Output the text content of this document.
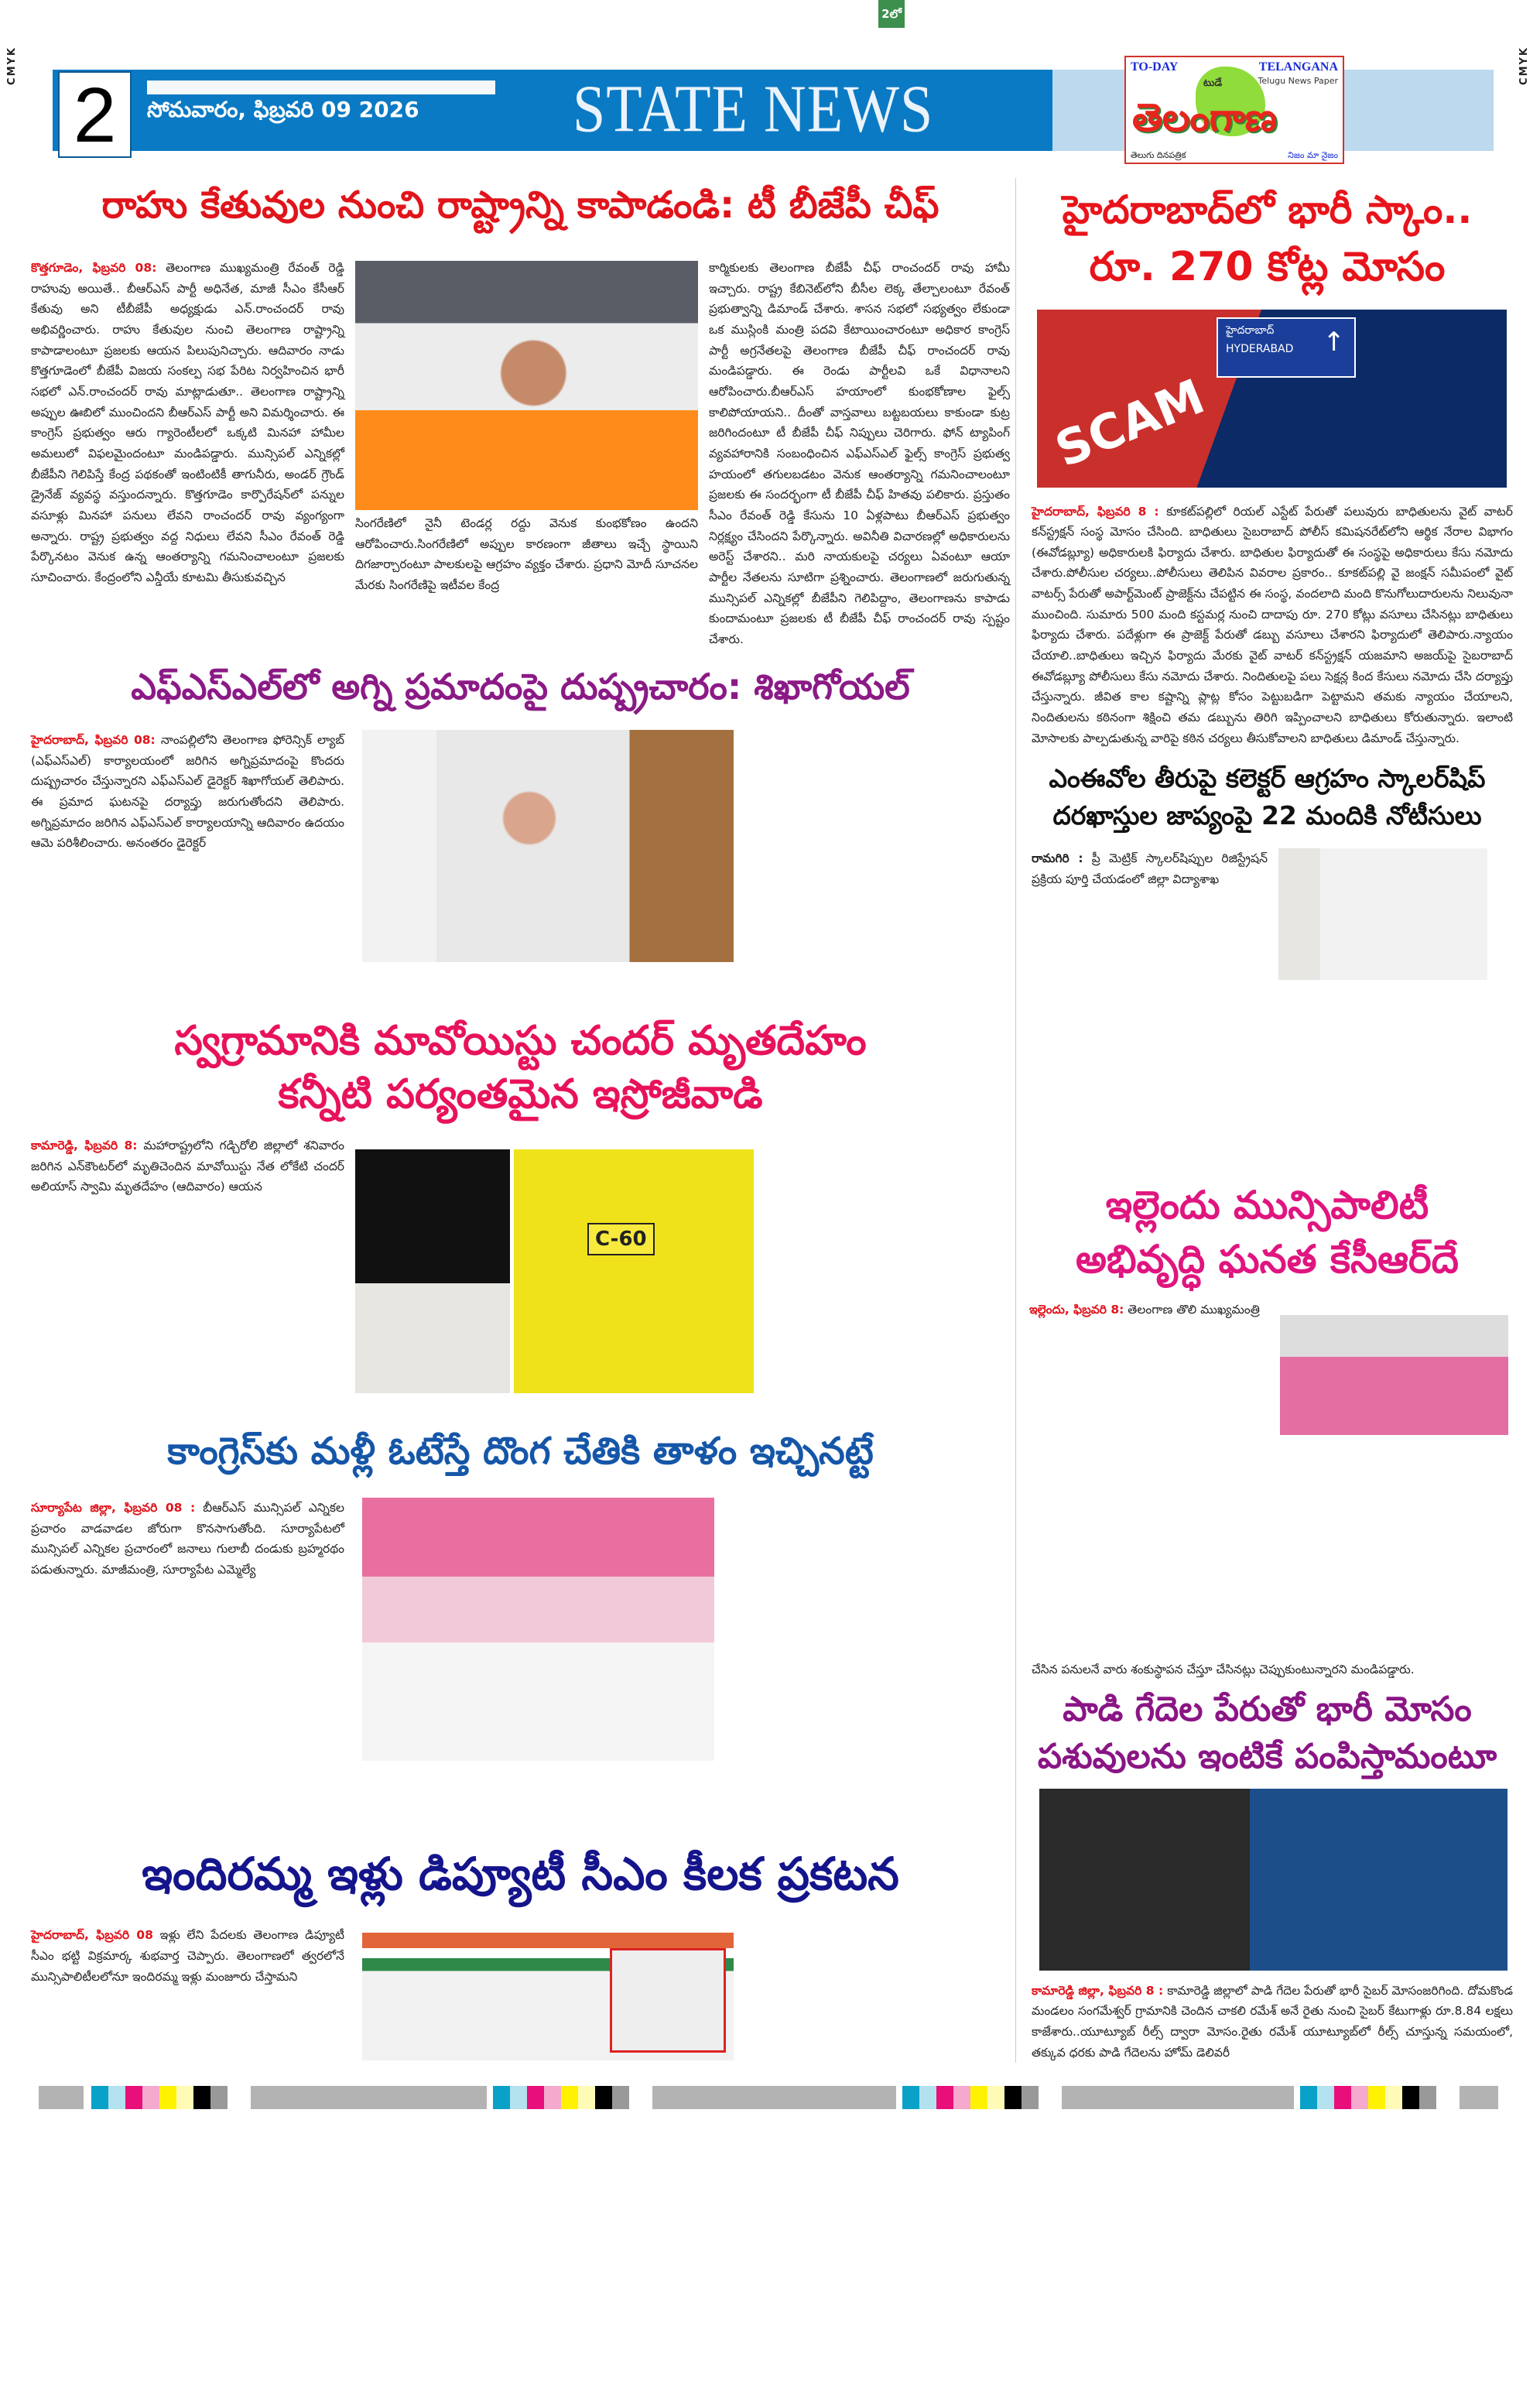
2లో
CMYK	CMYK
2	సోమవారం, ఫిబ్రవరి 09 2026	STATE NEWS
TO-DAY	TELANGANA
Telugu News Paper
టుడే
తెలంగాణ
తెలుగు దినపత్రిక	నిజం మా నైజం
రాహు కేతువుల నుంచి రాష్ట్రాన్ని కాపాడండి: టీ బీజేపీ చీఫ్
కొత్తగూడెం, ఫిబ్రవరి 08: తెలంగాణ ముఖ్యమంత్రి రేవంత్ రెడ్డి రాహువు అయితే.. బీఆర్ఎస్ పార్టీ అధినేత, మాజీ సీఎం కేసీఆర్ కేతువు అని టీబీజేపీ అధ్యక్షుడు ఎన్.రాంచందర్ రావు అభివర్ణించారు. రాహు కేతువుల నుంచి తెలంగాణ రాష్ట్రాన్ని కాపాడాలంటూ ప్రజలకు ఆయన పిలుపునిచ్చారు. ఆదివారం నాడు కొత్తగూడెంలో బీజేపీ విజయ సంకల్ప సభ పేరిట నిర్వహించిన భారీ సభలో ఎన్.రాంచందర్ రావు మాట్లాడుతూ.. తెలంగాణ రాష్ట్రాన్ని అప్పుల ఊబిలో ముంచిందని బీఆర్ఎస్ పార్టీ అని విమర్శించారు. ఈ కాంగ్రెస్ ప్రభుత్వం ఆరు గ్యారెంటీలలో ఒక్కటి మినహా హామీల అమలులో విఫలమైందంటూ మండిపడ్డారు. మున్సిపల్ ఎన్నికల్లో బీజేపీని గెలిపిస్తే కేంద్ర పథకంతో ఇంటింటికీ తాగునీరు, అండర్ గ్రౌండ్ డ్రైనేజ్ వ్యవస్థ వస్తుందన్నారు. కొత్తగూడెం కార్పొరేషన్‌లో పన్నుల వసూళ్లు మినహా పనులు లేవని రాంచందర్ రావు వ్యంగ్యంగా అన్నారు. రాష్ట్ర ప్రభుత్వం వద్ద నిధులు లేవని సీఎం రేవంత్ రెడ్డి పేర్కొనటం వెనుక ఉన్న ఆంతర్యాన్ని గమనించాలంటూ ప్రజలకు సూచించారు. కేంద్రంలోని ఎన్డీయే కూటమి తీసుకువచ్చిన
సింగరేణిలో నైనీ టెండర్ల రద్దు వెనుక కుంభకోణం ఉందని ఆరోపించారు.సింగరేణిలో అప్పుల కారణంగా జీతాలు ఇచ్చే స్థాయిని దిగజార్చారంటూ పాలకులపై ఆగ్రహం వ్యక్తం చేశారు. ప్రధాని మోదీ సూచనల మేరకు సింగరేణిపై ఇటీవల కేంద్ర
కార్మికులకు తెలంగాణ బీజేపీ చీఫ్ రాంచందర్ రావు హామీ ఇచ్చారు. రాష్ట్ర కేబినెట్‌లోని బీసీల లెక్క తేల్చాలంటూ రేవంత్ ప్రభుత్వాన్ని డిమాండ్ చేశారు. శాసన సభలో సభ్యత్వం లేకుండా ఒక ముస్లింకి మంత్రి పదవి కేటాయించారంటూ అధికార కాంగ్రెస్ పార్టీ అగ్రనేతలపై తెలంగాణ బీజేపీ చీఫ్ రాంచందర్ రావు మండిపడ్డారు. ఈ రెండు పార్టీలవి ఒకే విధానాలని ఆరోపించారు.బీఆర్ఎస్ హయాంలో కుంభకోణాల ఫైల్స్ కాలిపోయాయని.. దీంతో వాస్తవాలు బట్టబయలు కాకుండా కుట్ర జరిగిందంటూ టీ బీజేపీ చీఫ్ నిప్పులు చెరిగారు. ఫోన్ ట్యాపింగ్ వ్యవహారానికి సంబంధించిన ఎఫ్ఎస్ఎల్ ఫైల్స్ కాంగ్రెస్ ప్రభుత్వ హయంలో తగులబడటం వెనుక ఆంతర్యాన్ని గమనించాలంటూ ప్రజలకు ఈ సందర్భంగా టీ బీజేపీ చీఫ్ హితవు పలికారు. ప్రస్తుతం సీఎం రేవంత్ రెడ్డి కేసును 10 ఏళ్లపాటు బీఆర్ఎస్ ప్రభుత్వం నిర్లక్ష్యం చేసిందని పేర్కొన్నారు. అవినీతి విచారణల్లో అధికారులను అరెస్ట్ చేశారని.. మరి నాయకులపై చర్యలు ఏవంటూ ఆయా పార్టీల నేతలను సూటిగా ప్రశ్నించారు. తెలంగాణలో జరుగుతున్న మున్సిపల్ ఎన్నికల్లో బీజేపీని గెలిపిద్దాం, తెలంగాణను కాపాడు కుందామంటూ ప్రజలకు టీ బీజేపీ చీఫ్ రాంచందర్ రావు స్పష్టం చేశారు.
ఎఫ్ఎస్ఎల్‌లో అగ్ని ప్రమాదంపై దుష్ప్రచారం: శిఖాగోయల్
హైదరాబాద్, ఫిబ్రవరి 08: నాంపల్లిలోని తెలంగాణ ఫోరెన్సిక్ ల్యాబ్ (ఎఫ్ఎస్ఎల్) కార్యాలయంలో జరిగిన అగ్నిప్రమాదంపై కొందరు దుష్ప్రచారం చేస్తున్నారని ఎఫ్ఎస్ఎల్ డైరెక్టర్ శిఖాగోయల్ తెలిపారు. ఈ ప్రమాద ఘటనపై దర్యాప్తు జరుగుతోందని తెలిపారు. అగ్నిప్రమాదం జరిగిన ఎఫ్ఎస్ఎల్ కార్యాలయాన్ని ఆదివారం ఉదయం ఆమె పరిశీలించారు. అనంతరం డైరెక్టర్
స్వగ్రామానికి మావోయిస్టు చందర్ మృతదేహం
కన్నీటి పర్యంతమైన ఇస్రోజీవాడి
కామారెడ్డి, ఫిబ్రవరి 8: మహారాష్ట్రలోని గడ్చిరోలి జిల్లాలో శనివారం జరిగిన ఎన్‌కౌంటర్‌లో మృతిచెందిన మావోయిస్టు నేత లోకేటి చందర్ అలియాస్ స్వామి మృతదేహం (ఆదివారం) ఆయన
C-60
కాంగ్రెస్‌కు మళ్లీ ఓటేస్తే దొంగ చేతికి తాళం ఇచ్చినట్టే
సూర్యాపేట జిల్లా, ఫిబ్రవరి 08 : బీఆర్ఎస్ మున్సిపల్ ఎన్నికల ప్రచారం వాడవాడల జోరుగా కొనసాగుతోంది. సూర్యాపేటలో మున్సిపల్ ఎన్నికల ప్రచారంలో జనాలు గులాబీ దండుకు బ్రహ్మరథం పడుతున్నారు. మాజీమంత్రి, సూర్యాపేట ఎమ్మెల్యే
ఇందిరమ్మ ఇళ్లు డిప్యూటీ సీఎం కీలక ప్రకటన
హైదరాబాద్, ఫిబ్రవరి 08 ఇళ్లు లేని పేదలకు తెలంగాణ డిప్యూటీ సీఎం భట్టి విక్రమార్క శుభవార్త చెప్పారు. తెలంగాణలో త్వరలోనే మున్సిపాలిటీలలోనూ ఇందిరమ్మ ఇళ్లు మంజూరు చేస్తామని
హైదరాబాద్‌లో భారీ స్కాం..
రూ. 270 కోట్ల మోసం
SCAM
హైదరాబాద్
HYDERABAD	↑
హైదరాబాద్, ఫిబ్రవరి 8 : కూకట్‌పల్లిలో రియల్ ఎస్టేట్ పేరుతో పలువురు బాధితులను వైట్ వాటర్ కన్‌స్ట్రక్షన్ సంస్థ మోసం చేసింది. బాధితులు సైబరాబాద్ పోలీస్ కమిషనరేట్‌లోని ఆర్థిక నేరాల విభాగం (ఈవోడబ్ల్యూ) అధికారులకి ఫిర్యాదు చేశారు. బాధితుల ఫిర్యాదుతో ఈ సంస్థపై అధికారులు కేసు నమోదు చేశారు.పోలీసుల చర్యలు..పోలీసులు తెలిపిన వివరాల ప్రకారం.. కూకట్‌పల్లి వై జంక్షన్ సమీపంలో వైట్ వాటర్స్ పేరుతో అపార్ట్‌మెంట్ ప్రాజెక్ట్‌ను చేపట్టిన ఈ సంస్థ, వందలాది మంది కొనుగోలుదారులను నిలువునా ముంచింది. సుమారు 500 మంది కస్టమర్ల నుంచి దాదాపు రూ. 270 కోట్లు వసూలు చేసినట్లు బాధితులు ఫిర్యాదు చేశారు. పదేళ్లుగా ఈ ప్రాజెక్ట్ పేరుతో డబ్బు వసూలు చేశారని ఫిర్యాదులో తెలిపారు.న్యాయం చేయాలి..బాధితులు ఇచ్చిన ఫిర్యాదు మేరకు వైట్ వాటర్ కన్‌స్ట్రక్షన్ యజమాని అజయ్‌పై సైబరాబాద్ ఈవోడబ్ల్యూ పోలీసులు కేసు నమోదు చేశారు. నిందితులపై పలు సెక్షన్ల కింద కేసులు నమోదు చేసి దర్యాప్తు చేస్తున్నారు. జీవిత కాల కష్టాన్ని ప్లాట్ల కోసం పెట్టుబడిగా పెట్టామని తమకు న్యాయం చేయాలని, నిందితులను కఠినంగా శిక్షించి తమ డబ్బును తిరిగి ఇప్పించాలని బాధితులు కోరుతున్నారు. ఇలాంటి మోసాలకు పాల్పడుతున్న వారిపై కఠిన చర్యలు తీసుకోవాలని బాధితులు డిమాండ్ చేస్తున్నారు.
ఎంఈవోల తీరుపై కలెక్టర్ ఆగ్రహం స్కాలర్‌షిప్
దరఖాస్తుల జాప్యంపై 22 మందికి నోటీసులు
రామగిరి : ప్రీ మెట్రిక్ స్కాలర్‌షిప్పుల రిజిస్ట్రేషన్ ప్రక్రియ పూర్తి చేయడంలో జిల్లా విద్యాశాఖ
ఇల్లెందు మున్సిపాలిటీ
అభివృద్ధి ఘనత కేసీఆర్‌దే
ఇల్లెందు, ఫిబ్రవరి 8: తెలంగాణ తొలి ముఖ్యమంత్రి
చేసిన పనులనే వారు శంకుస్థాపన చేస్తూ చేసినట్లు చెప్పుకుంటున్నారని మండిపడ్డారు.
పాడి గేదెల పేరుతో భారీ మోసం
పశువులను ఇంటికే పంపిస్తామంటూ
కామారెడ్డి జిల్లా, ఫిబ్రవరి 8 : కామారెడ్డి జిల్లాలో పాడి గేదెల పేరుతో భారీ సైబర్ మోసంజరిగింది. దోమకొండ మండలం సంగమేశ్వర్ గ్రామానికి చెందిన చాకలి రమేశ్ అనే రైతు నుంచి సైబర్ కేటుగాళ్లు రూ.8.84 లక్షలు కాజేశారు..యూట్యూబ్ రీల్స్ ద్వారా మోసం.రైతు రమేశ్ యూట్యూబ్‌లో రీల్స్ చూస్తున్న సమయంలో, తక్కువ ధరకు పాడి గేదెలను హోమ్ డెలివరీ
